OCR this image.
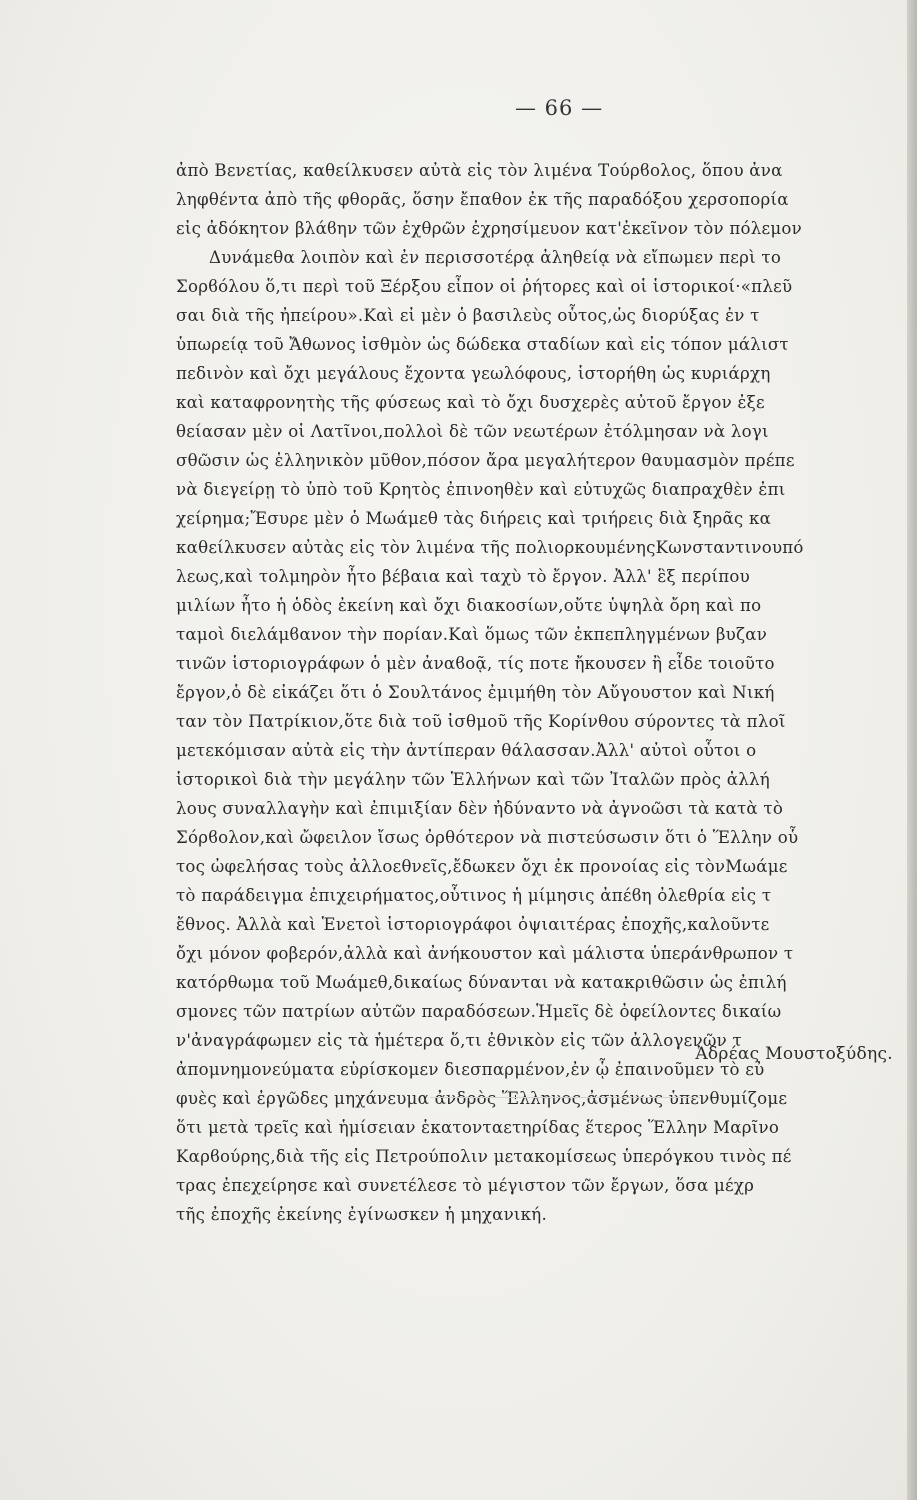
— 66 —
ἀπὸ Βενετίας, καθείλκυσεν αὐτὰ εἰς τὸν λιμένα Τούρϐολος, ὅπου ἀνα
ληφθέντα ἀπὸ τῆς φθορᾶς, ὅσην ἔπαθον ἐκ τῆς παραδόξου χερσοπορία
εἰς ἀδόκητον βλάϐην τῶν ἐχθρῶν ἐχρησίμευον κατ'ἐκεῖνον τὸν πόλεμον
Δυνάμεθα λοιπὸν καὶ ἐν περισσοτέρᾳ ἀληθείᾳ νὰ εἴπωμεν περὶ το
Σορϐόλου ὅ,τι περὶ τοῦ Ξέρξου εἶπον οἱ ῥήτορες καὶ οἱ ἱστορικοί·«πλεῦ
σαι διὰ τῆς ἠπείρου».Καὶ εἰ μὲν ὁ βασιλεὺς οὗτος,ὡς διορύξας ἐν τ
ὑπωρείᾳ τοῦ Ἄθωνος ἰσθμὸν ὡς δώδεκα σταδίων καὶ εἰς τόπον μάλιστ
πεδινὸν καὶ ὄχι μεγάλους ἔχοντα γεωλόφους, ἱστορήθη ὡς κυριάρχη
καὶ καταφρονητὴς τῆς φύσεως καὶ τὸ ὄχι δυσχερὲς αὐτοῦ ἔργον ἐξε
θείασαν μὲν οἱ Λατῖνοι,πολλοὶ δὲ τῶν νεωτέρων ἐτόλμησαν νὰ λογι
σθῶσιν ὡς ἑλληνικὸν μῦθον,πόσον ἄρα μεγαλήτερον θαυμασμὸν πρέπε
νὰ διεγείρῃ τὸ ὑπὸ τοῦ Κρητὸς ἐπινοηθὲν καὶ εὐτυχῶς διαπραχθὲν ἐπι
χείρημα;Ἔσυρε μὲν ὁ Μωάμεθ τὰς διήρεις καὶ τριήρεις διὰ ξηρᾶς κα
καθείλκυσεν αὐτὰς εἰς τὸν λιμένα τῆς πολιορκουμένηςΚωνσταντινουπό
λεως,καὶ τολμηρὸν ἦτο βέβαια καὶ ταχὺ τὸ ἔργον. Ἀλλ' ἓξ περίπου
μιλίων ἦτο ἡ ὁδὸς ἐκείνη καὶ ὄχι διακοσίων,οὔτε ὑψηλὰ ὄρη καὶ πο
ταμοὶ διελάμϐανον τὴν πορίαν.Καὶ ὅμως τῶν ἐκπεπληγμένων βυζαν
τινῶν ἱστοριογράφων ὁ μὲν ἀναϐοᾷ, τίς ποτε ἤκουσεν ἢ εἶδε τοιοῦτο
ἔργον,ὁ δὲ εἰκάζει ὅτι ὁ Σουλτάνος ἐμιμήθη τὸν Αὔγουστον καὶ Νική
ταν τὸν Πατρίκιον,ὅτε διὰ τοῦ ἰσθμοῦ τῆς Κορίνθου σύροντες τὰ πλοῖ
μετεκόμισαν αὐτὰ εἰς τὴν ἀντίπεραν θάλασσαν.Ἀλλ' αὐτοὶ οὗτοι ο
ἱστορικοὶ διὰ τὴν μεγάλην τῶν Ἑλλήνων καὶ τῶν Ἰταλῶν πρὸς ἀλλή
λους συναλλαγὴν καὶ ἐπιμιξίαν δὲν ἠδύναντο νὰ ἀγνοῶσι τὰ κατὰ τὸ
Σόρϐολον,καὶ ὤφειλον ἴσως ὀρθότερον νὰ πιστεύσωσιν ὅτι ὁ Ἕλλην οὗ
τος ὠφελήσας τοὺς ἀλλοεθνεῖς,ἔδωκεν ὄχι ἐκ προνοίας εἰς τὸνΜωάμε
τὸ παράδειγμα ἐπιχειρήματος,οὗτινος ἡ μίμησις ἀπέϐη ὀλεθρία εἰς τ
ἔθνος. Ἀλλὰ καὶ Ἑνετοὶ ἱστοριογράφοι ὀψιαιτέρας ἐποχῆς,καλοῦντε
ὄχι μόνον φοβερόν,ἀλλὰ καὶ ἀνήκουστον καὶ μάλιστα ὑπεράνθρωπον τ
κατόρθωμα τοῦ Μωάμεθ,δικαίως δύνανται νὰ κατακριθῶσιν ὡς ἐπιλή
σμονες τῶν πατρίων αὐτῶν παραδόσεων.Ἡμεῖς δὲ ὀφείλοντες δικαίω
ν'ἀναγράφωμεν εἰς τὰ ἡμέτερα ὅ,τι ἐθνικὸν εἰς τῶν ἀλλογενῶν τ
ἀπομνημονεύματα εὑρίσκομεν διεσπαρμένον,ἐν ᾧ ἐπαινοῦμεν τὸ εὐ
φυὲς καὶ ἐργῶδες μηχάνευμα ἀνδρὸς Ἕλληνος,ἀσμένως ὑπενθυμίζομε
ὅτι μετὰ τρεῖς καὶ ἡμίσειαν ἑκατονταετηρίδας ἕτερος Ἕλλην Μαρῖνο
Καρϐούρης,διὰ τῆς εἰς Πετρούπολιν μετακομίσεως ὑπερόγκου τινὸς πέ
τρας ἐπεχείρησε καὶ συνετέλεσε τὸ μέγιστον τῶν ἔργων, ὅσα μέχρ
τῆς ἐποχῆς ἐκείνης ἐγίνωσκεν ἡ μηχανική.
Ἀδρέας Μουστοξύδης.
